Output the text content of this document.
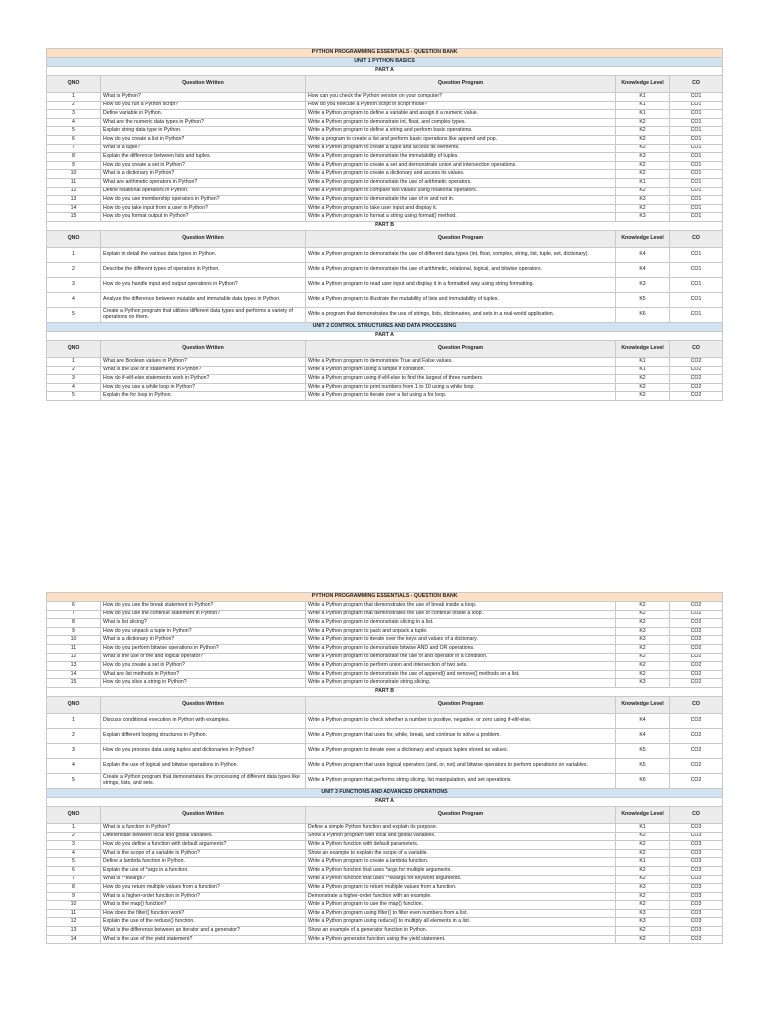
PYTHON PROGRAMMING ESSENTIALS - QUESTION BANK				
UNIT 1 PYTHON BASICS				
PART A				
QNO	Question Written	Question Program	Knowledge Level	CO
1	What is Python?	How can you check the Python version on your computer?	K1	CO1
2	How do you run a Python script?	How do you execute a Python script in script mode?	K1	CO1
3	Define variable in Python.	Write a Python program to define a variable and assign it a numeric value.	K1	CO1
4	What are the numeric data types in Python?	Write a Python program to demonstrate int, float, and complex types.	K2	CO1
5	Explain string data type in Python.	Write a Python program to define a string and perform basic operations.	K2	CO1
6	How do you create a list in Python?	Write a program to create a list and perform basic operations like append and pop.	K2	CO1
7	What is a tuple?	Write a Python program to create a tuple and access its elements.	K2	CO1
8	Explain the difference between lists and tuples.	Write a Python program to demonstrate the immutability of tuples.	K3	CO1
9	How do you create a set in Python?	Write a Python program to create a set and demonstrate union and intersection operations.	K2	CO1
10	What is a dictionary in Python?	Write a Python program to create a dictionary and access its values.	K2	CO1
11	What are arithmetic operators in Python?	Write a Python program to demonstrate the use of arithmetic operators.	K1	CO1
12	Define relational operators in Python.	Write a Python program to compare two values using relational operators.	K2	CO1
13	How do you use membership operators in Python?	Write a Python program to demonstrate the use of in and not in.	K3	CO1
14	How do you take input from a user in Python?	Write a Python program to take user input and display it.	K2	CO1
15	How do you format output in Python?	Write a Python program to format a string using format() method.	K3	CO1
PART B				
QNO	Question Written	Question Program	Knowledge Level	CO
1	Explain in detail the various data types in Python.	Write a Python program to demonstrate the use of different data types (int, float, complex, string, list, tuple, set, dictionary).	K4	CO1
2	Describe the different types of operators in Python.	Write a Python program to demonstrate the use of arithmetic, relational, logical, and bitwise operators.	K4	CO1
3	How do you handle input and output operations in Python?	Write a Python program to read user input and display it in a formatted way using string formatting.	K3	CO1
4	Analyze the difference between mutable and immutable data types in Python.	Write a Python program to illustrate the mutability of lists and immutability of tuples.	K5	CO1
5	Create a Python program that utilizes different data types and performs a variety of operations on them.	Write a program that demonstrates the use of strings, lists, dictionaries, and sets in a real-world application.	K6	CO1
UNIT 2 CONTROL STRUCTURES AND DATA PROCESSING				
PART A				
QNO	Question Written	Question Program	Knowledge Level	CO
1	What are Boolean values in Python?	Write a Python program to demonstrate True and False values.	K1	CO2
2	What is the use of if statements in Python?	Write a Python program using a simple if condition.	K1	CO2
3	How do if-elif-else statements work in Python?	Write a Python program using if-elif-else to find the largest of three numbers.	K2	CO2
4	How do you use a while loop in Python?	Write a Python program to print numbers from 1 to 10 using a while loop.	K2	CO2
5	Explain the for loop in Python.	Write a Python program to iterate over a list using a for loop.	K2	CO2
PYTHON PROGRAMMING ESSENTIALS - QUESTION BANK				
6	How do you use the break statement in Python?	Write a Python program that demonstrates the use of break inside a loop.	K2	CO2
7	How do you use the continue statement in Python?	Write a Python program that demonstrates the use of continue inside a loop.	K2	CO2
8	What is list slicing?	Write a Python program to demonstrate slicing in a list.	K2	CO2
9	How do you unpack a tuple in Python?	Write a Python program to pack and unpack a tuple.	K3	CO2
10	What is a dictionary in Python?	Write a Python program to iterate over the keys and values of a dictionary.	K3	CO2
11	How do you perform bitwise operations in Python?	Write a Python program to demonstrate bitwise AND and OR operations.	K2	CO2
12	What is the use of the and logical operator?	Write a Python program to demonstrate the use of and operator in a condition.	K2	CO2
13	How do you create a set in Python?	Write a Python program to perform union and intersection of two sets.	K2	CO2
14	What are list methods in Python?	Write a Python program to demonstrate the use of append() and remove() methods on a list.	K2	CO2
15	How do you slice a string in Python?	Write a Python program to demonstrate string slicing.	K3	CO2
PART B				
QNO	Question Written	Question Program	Knowledge Level	CO
1	Discuss conditional execution in Python with examples.	Write a Python program to check whether a number is positive, negative, or zero using if-elif-else.	K4	CO2
2	Explain different looping structures in Python.	Write a Python program that uses for, while, break, and continue to solve a problem.	K4	CO2
3	How do you process data using tuples and dictionaries in Python?	Write a Python program to iterate over a dictionary and unpack tuples stored as values.	K5	CO2
4	Explain the use of logical and bitwise operations in Python.	Write a Python program that uses logical operators (and, or, not) and bitwise operators to perform operations on variables.	K5	CO2
5	Create a Python program that demonstrates the processing of different data types like strings, lists, and sets.	Write a Python program that performs string slicing, list manipulation, and set operations.	K6	CO2
UNIT 3 FUNCTIONS AND ADVANCED OPERATIONS				
PART A				
QNO	Question Written	Question Program	Knowledge Level	CO
1	What is a function in Python?	Define a simple Python function and explain its purpose.	K1	CO3
2	Differentiate between local and global variables.	Show a Python program with local and global variables.	K2	CO3
3	How do you define a function with default arguments?	Write a Python function with default parameters.	K2	CO3
4	What is the scope of a variable in Python?	Show an example to explain the scope of a variable.	K2	CO3
5	Define a lambda function in Python.	Write a Python program to create a lambda function.	K1	CO3
6	Explain the use of *args in a function.	Write a Python function that uses *args for multiple arguments.	K2	CO3
7	What is **kwargs?	Write a Python function that uses **kwargs for keyword arguments.	K2	CO3
8	How do you return multiple values from a function?	Write a Python program to return multiple values from a function.	K3	CO3
9	What is a higher-order function in Python?	Demonstrate a higher-order function with an example.	K2	CO3
10	What is the map() function?	Write a Python program to use the map() function.	K2	CO3
11	How does the filter() function work?	Write a Python program using filter() to filter even numbers from a list.	K3	CO3
12	Explain the use of the reduce() function.	Write a Python program using reduce() to multiply all elements in a list.	K3	CO3
13	What is the difference between an iterator and a generator?	Show an example of a generator function in Python.	K2	CO3
14	What is the use of the yield statement?	Write a Python generator function using the yield statement.	K2	CO3
